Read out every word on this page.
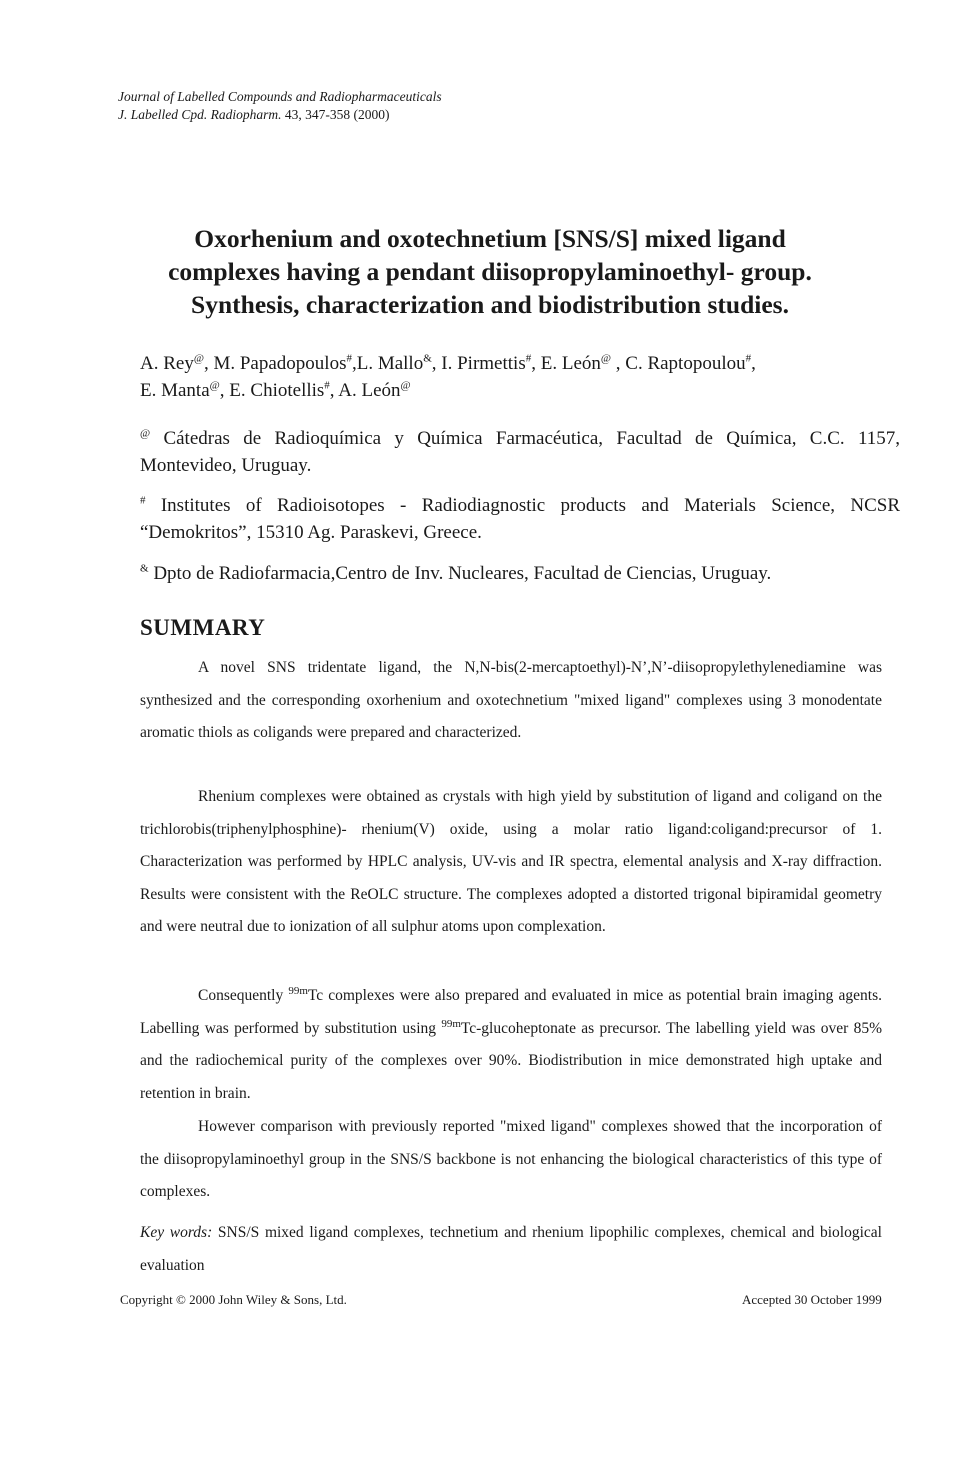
Journal of Labelled Compounds and Radiopharmaceuticals
J. Labelled Cpd. Radiopharm. 43, 347-358 (2000)
Oxorhenium and oxotechnetium [SNS/S] mixed ligand
complexes having a pendant diisopropylaminoethyl- group.
Synthesis, characterization and biodistribution studies.
A. Rey@, M. Papadopoulos#,L. Mallo&, I. Pirmettis#, E. León@ , C. Raptopoulou#,
E. Manta@, E. Chiotellis#, A. León@
@ Cátedras de Radioquímica y Química Farmacéutica, Facultad de Química, C.C. 1157, Montevideo, Uruguay.
# Institutes of Radioisotopes - Radiodiagnostic products and Materials Science, NCSR “Demokritos”, 15310 Ag. Paraskevi, Greece.
& Dpto de Radiofarmacia,Centro de Inv. Nucleares, Facultad de Ciencias, Uruguay.
SUMMARY
A novel SNS tridentate ligand, the N,N-bis(2-mercaptoethyl)-N’,N’-diisopropylethylenediamine was synthesized and the corresponding oxorhenium and oxotechnetium "mixed ligand" complexes using 3 monodentate aromatic thiols as coligands were prepared and characterized.
Rhenium complexes were obtained as crystals with high yield by substitution of ligand and coligand on the trichlorobis(triphenylphosphine)- rhenium(V) oxide, using a molar ratio ligand:coligand:precursor of 1. Characterization was performed by HPLC analysis, UV-vis and IR spectra, elemental analysis and X-ray diffraction. Results were consistent with the ReOLC structure. The complexes adopted a distorted trigonal bipiramidal geometry and were neutral due to ionization of all sulphur atoms upon complexation.
Consequently $^{99m}$Tc complexes were also prepared and evaluated in mice as potential brain imaging agents. Labelling was performed by substitution using $^{99m}$Tc-glucoheptonate as precursor. The labelling yield was over 85% and the radiochemical purity of the complexes over 90%. Biodistribution in mice demonstrated high uptake and retention in brain.
However comparison with previously reported "mixed ligand" complexes showed that the incorporation of the diisopropylaminoethyl group in the SNS/S backbone is not enhancing the biological characteristics of this type of complexes.
Key words: SNS/S mixed ligand complexes, technetium and rhenium lipophilic complexes, chemical and biological evaluation
Copyright © 2000 John Wiley & Sons, Ltd.	Accepted 30 October 1999
